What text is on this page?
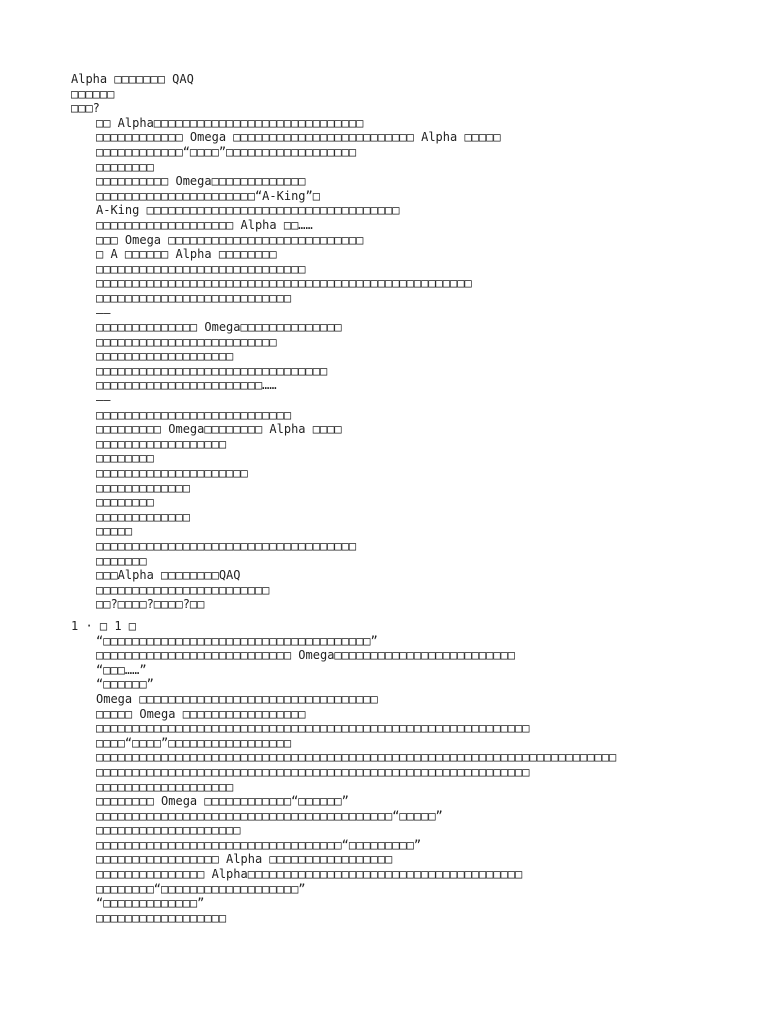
Alpha □□□□□□□ QAQ
□□□□□□
□□□?
□□ Alpha□□□□□□□□□□□□□□□□□□□□□□□□□□□□□
□□□□□□□□□□□□ Omega □□□□□□□□□□□□□□□□□□□□□□□□□ Alpha □□□□□
□□□□□□□□□□□□“□□□□”□□□□□□□□□□□□□□□□□□
□□□□□□□□
□□□□□□□□□□ Omega□□□□□□□□□□□□□
□□□□□□□□□□□□□□□□□□□□□□“A-King”□
A-King □□□□□□□□□□□□□□□□□□□□□□□□□□□□□□□□□□□
□□□□□□□□□□□□□□□□□□□ Alpha □□……
□□□ Omega □□□□□□□□□□□□□□□□□□□□□□□□□□□
□ A □□□□□□ Alpha □□□□□□□□
□□□□□□□□□□□□□□□□□□□□□□□□□□□□□
□□□□□□□□□□□□□□□□□□□□□□□□□□□□□□□□□□□□□□□□□□□□□□□□□□□□
□□□□□□□□□□□□□□□□□□□□□□□□□□□
——
□□□□□□□□□□□□□□ Omega□□□□□□□□□□□□□□
□□□□□□□□□□□□□□□□□□□□□□□□□
□□□□□□□□□□□□□□□□□□□
□□□□□□□□□□□□□□□□□□□□□□□□□□□□□□□□
□□□□□□□□□□□□□□□□□□□□□□□……
——
□□□□□□□□□□□□□□□□□□□□□□□□□□□
□□□□□□□□□ Omega□□□□□□□□ Alpha □□□□
□□□□□□□□□□□□□□□□□□
□□□□□□□□
□□□□□□□□□□□□□□□□□□□□□
□□□□□□□□□□□□□
□□□□□□□□
□□□□□□□□□□□□□
□□□□□
□□□□□□□□□□□□□□□□□□□□□□□□□□□□□□□□□□□□
□□□□□□□
□□□Alpha □□□□□□□□QAQ
□□□□□□□□□□□□□□□□□□□□□□□□
□□?□□□□?□□□□?□□
1 · □ 1 □
“□□□□□□□□□□□□□□□□□□□□□□□□□□□□□□□□□□□□□”
□□□□□□□□□□□□□□□□□□□□□□□□□□□ Omega□□□□□□□□□□□□□□□□□□□□□□□□□
“□□□……”
“□□□□□□”
Omega □□□□□□□□□□□□□□□□□□□□□□□□□□□□□□□□□
□□□□□ Omega □□□□□□□□□□□□□□□□□
□□□□□□□□□□□□□□□□□□□□□□□□□□□□□□□□□□□□□□□□□□□□□□□□□□□□□□□□□□□□
□□□□“□□□□”□□□□□□□□□□□□□□□□□
□□□□□□□□□□□□□□□□□□□□□□□□□□□□□□□□□□□□□□□□□□□□□□□□□□□□□□□□□□□□□□□□□□□□□□□□
□□□□□□□□□□□□□□□□□□□□□□□□□□□□□□□□□□□□□□□□□□□□□□□□□□□□□□□□□□□□
□□□□□□□□□□□□□□□□□□□
□□□□□□□□ Omega □□□□□□□□□□□□“□□□□□□”
□□□□□□□□□□□□□□□□□□□□□□□□□□□□□□□□□□□□□□□□□“□□□□□”
□□□□□□□□□□□□□□□□□□□□
□□□□□□□□□□□□□□□□□□□□□□□□□□□□□□□□□□“□□□□□□□□□”
□□□□□□□□□□□□□□□□□ Alpha □□□□□□□□□□□□□□□□□
□□□□□□□□□□□□□□□ Alpha□□□□□□□□□□□□□□□□□□□□□□□□□□□□□□□□□□□□□□
□□□□□□□□“□□□□□□□□□□□□□□□□□□□”
“□□□□□□□□□□□□□”
□□□□□□□□□□□□□□□□□□
